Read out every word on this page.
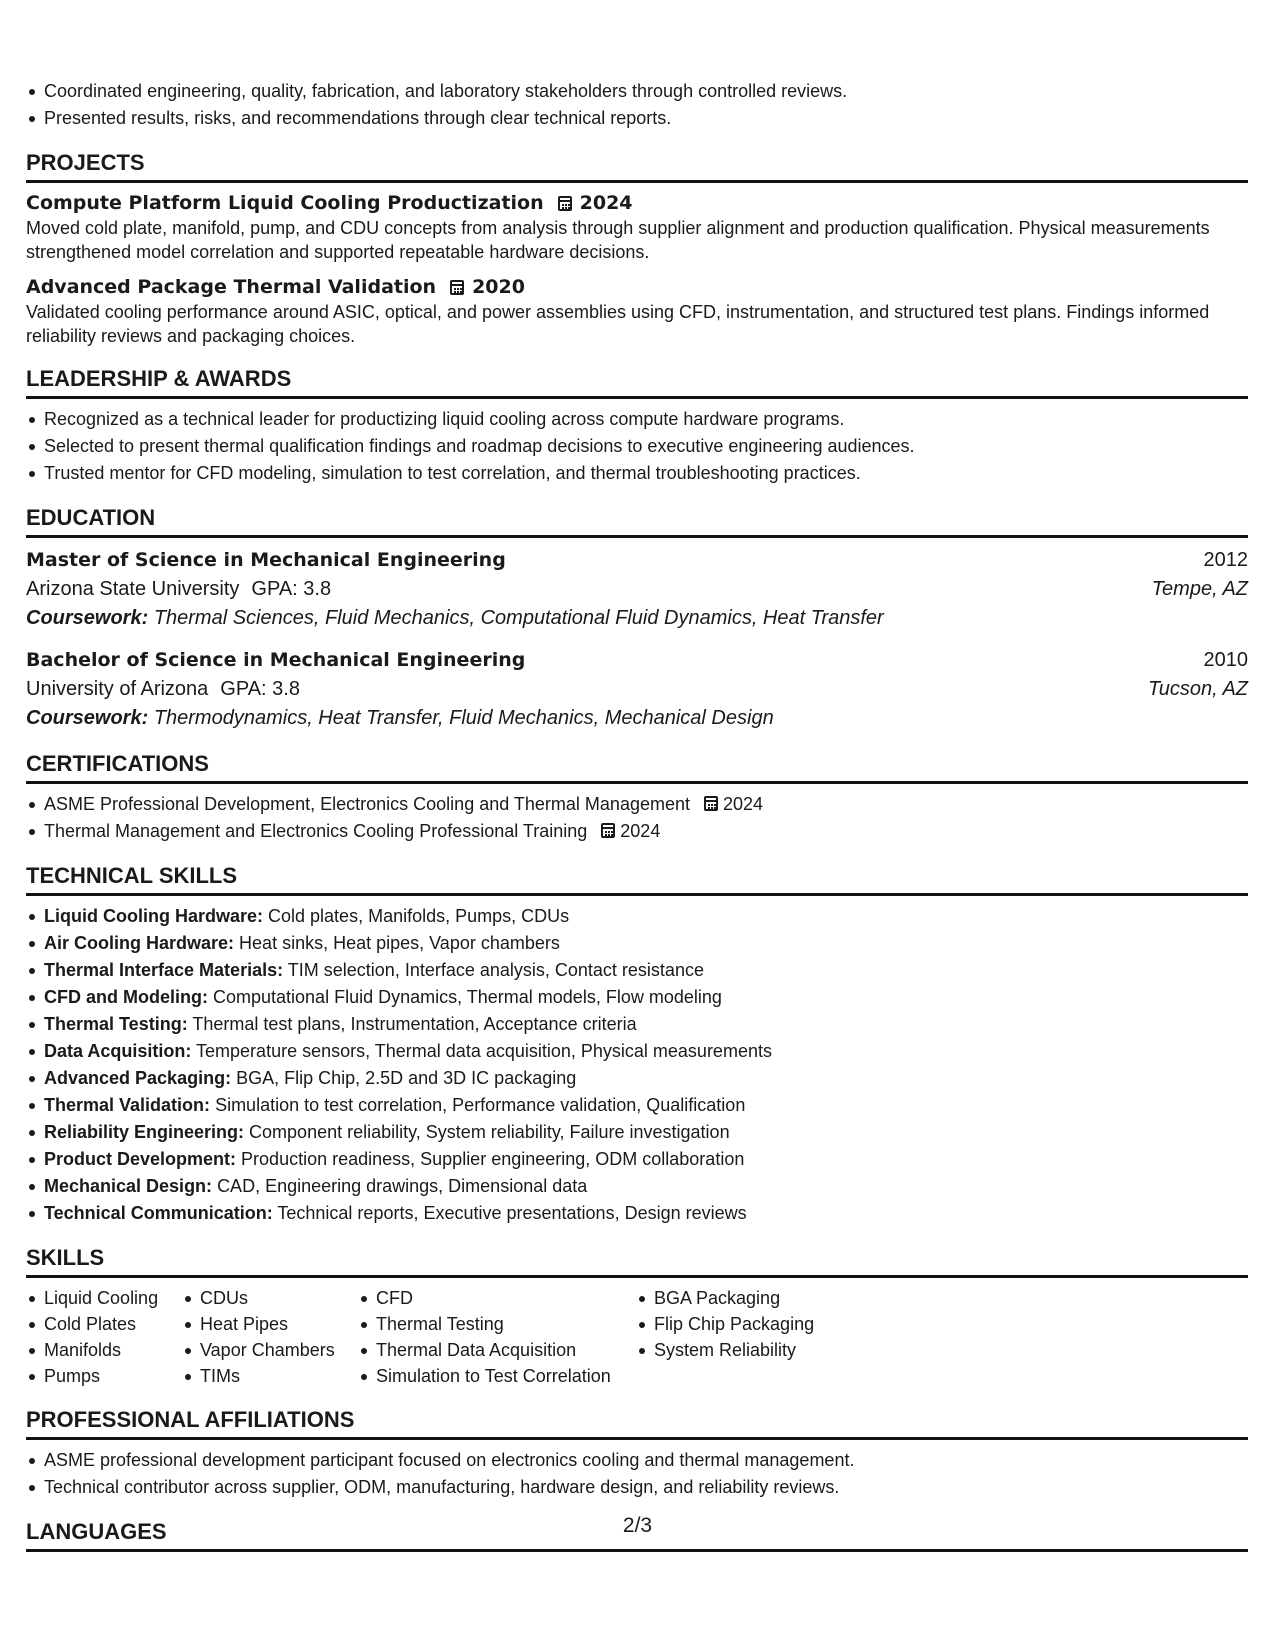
Coordinated engineering, quality, fabrication, and laboratory stakeholders through controlled reviews.
Presented results, risks, and recommendations through clear technical reports.
PROJECTS
Compute Platform Liquid Cooling Productization 2024
Moved cold plate, manifold, pump, and CDU concepts from analysis through supplier alignment and production qualification. Physical measurements strengthened model correlation and supported repeatable hardware decisions.
Advanced Package Thermal Validation 2020
Validated cooling performance around ASIC, optical, and power assemblies using CFD, instrumentation, and structured test plans. Findings informed reliability reviews and packaging choices.
LEADERSHIP & AWARDS
Recognized as a technical leader for productizing liquid cooling across compute hardware programs.
Selected to present thermal qualification findings and roadmap decisions to executive engineering audiences.
Trusted mentor for CFD modeling, simulation to test correlation, and thermal troubleshooting practices.
EDUCATION
Master of Science in Mechanical Engineering	2012
Arizona State University GPA: 3.8	Tempe, AZ
Coursework: Thermal Sciences, Fluid Mechanics, Computational Fluid Dynamics, Heat Transfer
Bachelor of Science in Mechanical Engineering	2010
University of Arizona GPA: 3.8	Tucson, AZ
Coursework: Thermodynamics, Heat Transfer, Fluid Mechanics, Mechanical Design
CERTIFICATIONS
ASME Professional Development, Electronics Cooling and Thermal Management 2024
Thermal Management and Electronics Cooling Professional Training 2024
TECHNICAL SKILLS
Liquid Cooling Hardware: Cold plates, Manifolds, Pumps, CDUs
Air Cooling Hardware: Heat sinks, Heat pipes, Vapor chambers
Thermal Interface Materials: TIM selection, Interface analysis, Contact resistance
CFD and Modeling: Computational Fluid Dynamics, Thermal models, Flow modeling
Thermal Testing: Thermal test plans, Instrumentation, Acceptance criteria
Data Acquisition: Temperature sensors, Thermal data acquisition, Physical measurements
Advanced Packaging: BGA, Flip Chip, 2.5D and 3D IC packaging
Thermal Validation: Simulation to test correlation, Performance validation, Qualification
Reliability Engineering: Component reliability, System reliability, Failure investigation
Product Development: Production readiness, Supplier engineering, ODM collaboration
Mechanical Design: CAD, Engineering drawings, Dimensional data
Technical Communication: Technical reports, Executive presentations, Design reviews
SKILLS
Liquid Cooling
Cold Plates
Manifolds
Pumps
CDUs
Heat Pipes
Vapor Chambers
TIMs
CFD
Thermal Testing
Thermal Data Acquisition
Simulation to Test Correlation
BGA Packaging
Flip Chip Packaging
System Reliability
PROFESSIONAL AFFILIATIONS
ASME professional development participant focused on electronics cooling and thermal management.
Technical contributor across supplier, ODM, manufacturing, hardware design, and reliability reviews.
LANGUAGES	2/3
